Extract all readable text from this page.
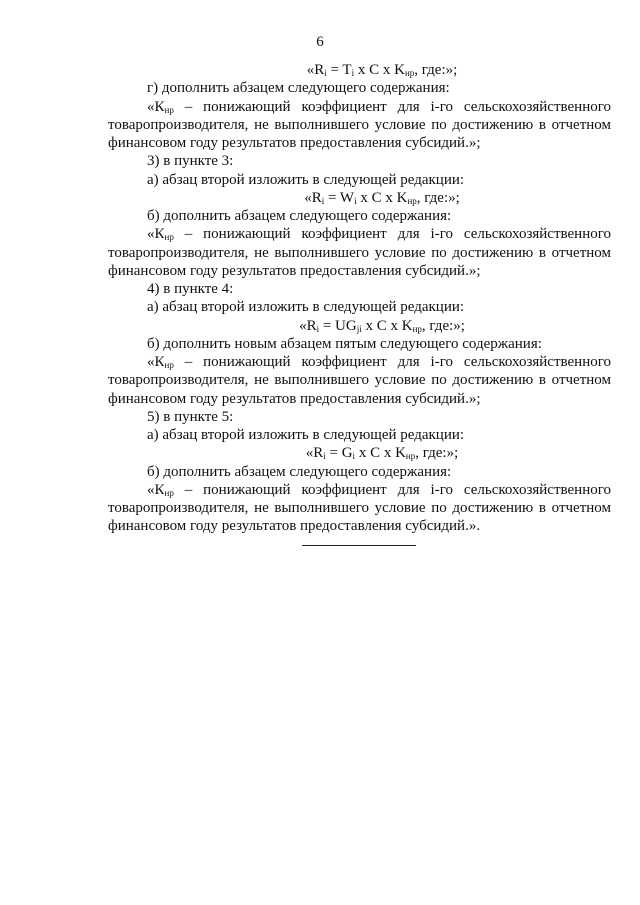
6

«$R_i = T_i$ x C x $K_{нр}$, где:»;

г) дополнить абзацем следующего содержания:

«$К_{нр}$ – понижающий коэффициент для i-го сельскохозяйственного товаропроизводителя, не выполнившего условие по достижению в отчетном финансовом году результатов предоставления субсидий.»;

3) в пункте 3:

а) абзац второй изложить в следующей редакции:

«$R_i = W_i$ x C x $K_{нр}$, где:»;

б) дополнить абзацем следующего содержания:

«$К_{нр}$ – понижающий коэффициент для i-го сельскохозяйственного товаропроизводителя, не выполнившего условие по достижению в отчетном финансовом году результатов предоставления субсидий.»;

4) в пункте 4:

а) абзац второй изложить в следующей редакции:

«$R_i = UG_{ji}$ x C x $K_{нр}$, где:»;

б) дополнить новым абзацем пятым следующего содержания:

«$К_{нр}$ – понижающий коэффициент для i-го сельскохозяйственного товаропроизводителя, не выполнившего условие по достижению в отчетном финансовом году результатов предоставления субсидий.»;

5) в пункте 5:

а) абзац второй изложить в следующей редакции:

«$R_i = G_i$ x C x $K_{нр}$, где:»;

б) дополнить абзацем следующего содержания:

«$К_{нр}$ – понижающий коэффициент для i-го сельскохозяйственного товаропроизводителя, не выполнившего условие по достижению в отчетном финансовом году результатов предоставления субсидий.».
